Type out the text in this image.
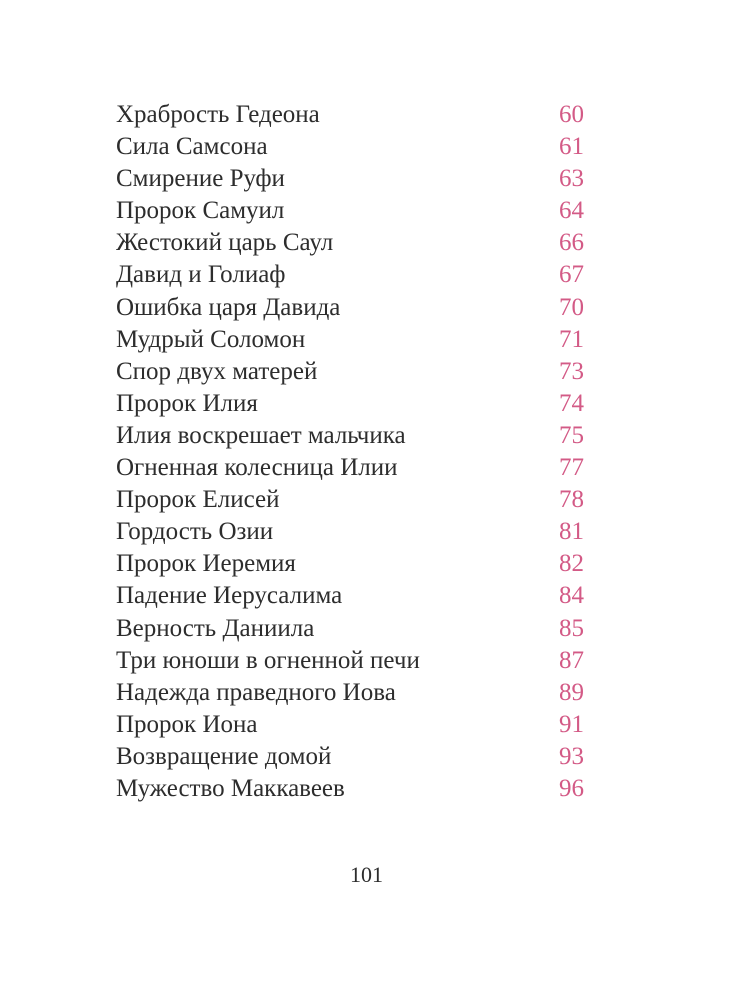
Храбрость Гедеона	60
Сила Самсона	61
Смирение Руфи	63
Пророк Самуил	64
Жестокий царь Саул	66
Давид и Голиаф	67
Ошибка царя Давида	70
Мудрый Соломон	71
Спор двух матерей	73
Пророк Илия	74
Илия воскрешает мальчика	75
Огненная колесница Илии	77
Пророк Елисей	78
Гордость Озии	81
Пророк Иеремия	82
Падение Иерусалима	84
Верность Даниила	85
Три юноши в огненной печи	87
Надежда праведного Иова	89
Пророк Иона	91
Возвращение домой	93
Мужество Маккавеев	96
101
